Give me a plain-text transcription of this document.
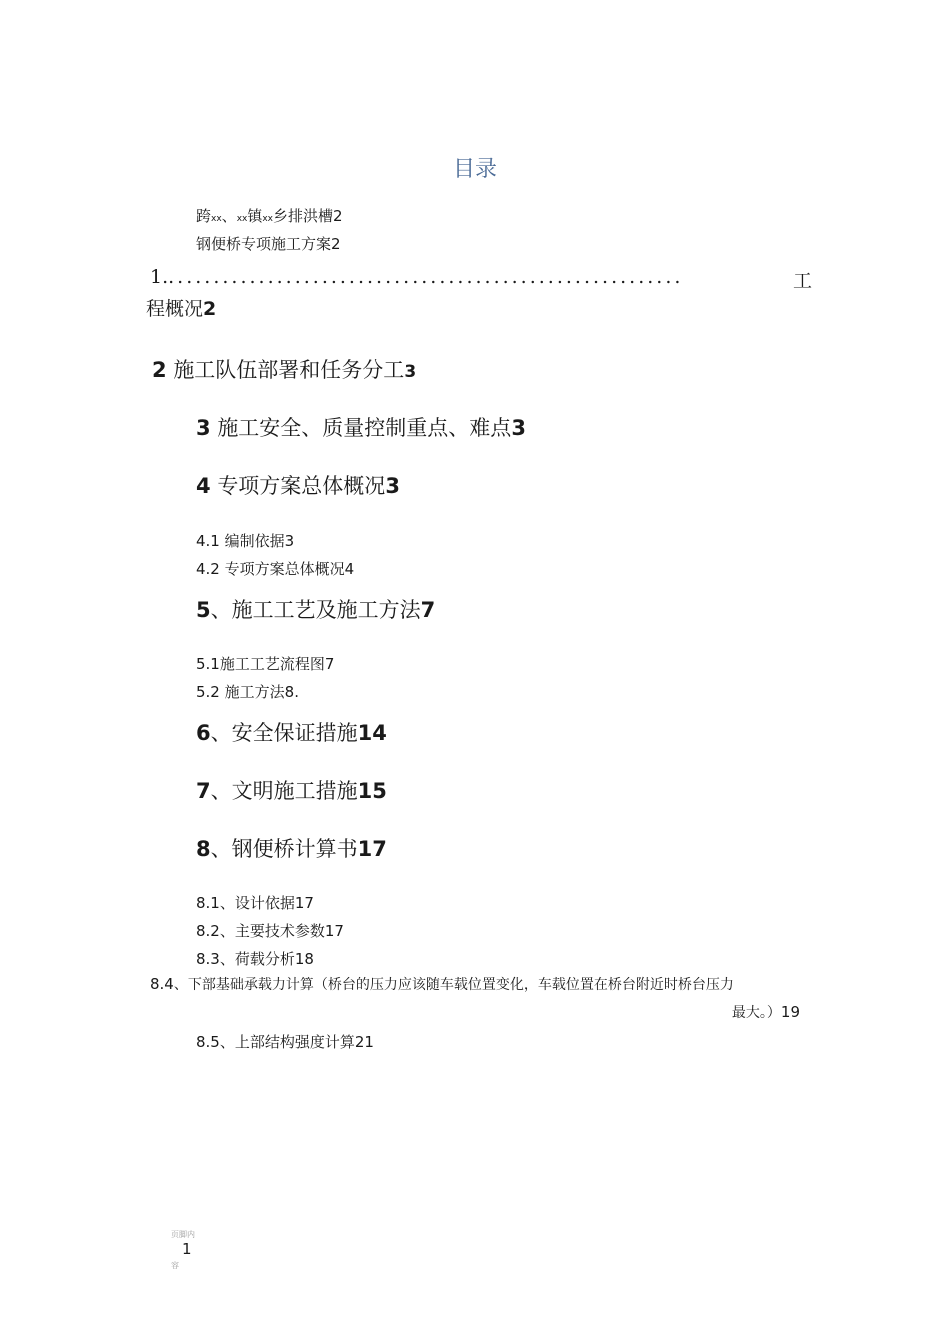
目录
跨xx、xx镇xx乡排洪槽2
钢便桥专项施工方案2
1. .........................................................	工
程概况2
2 施工队伍部署和任务分工3
3 施工安全、质量控制重点、难点3
4 专项方案总体概况3
4.1 编制依据3
4.2 专项方案总体概况4
5、施工工艺及施工方法7
5.1施工工艺流程图7
5.2 施工方法8.
6、安全保证措施14
7、文明施工措施15
8、钢便桥计算书17
8.1、设计依据17
8.2、主要技术参数17
8.3、荷载分析18
8.4、下部基础承载力计算（桥台的压力应该随车载位置变化，车载位置在桥台附近时桥台压力
最大。）19
8.5、上部结构强度计算21
页脚内
1
容
